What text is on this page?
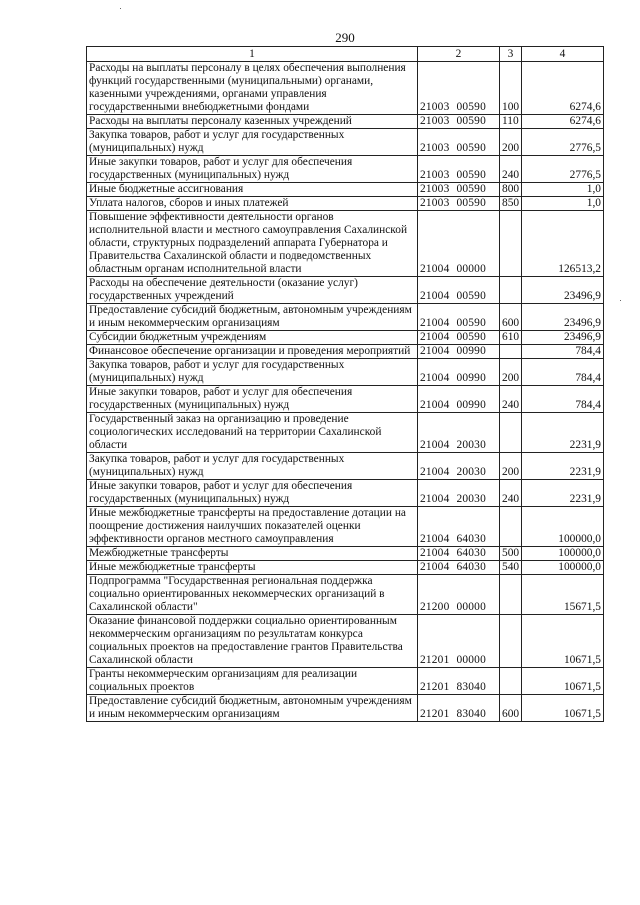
290
1	2	3	4
Расходы на выплаты персоналу в целях обеспечения выполнения функций государственными (муниципальными) органами, казенными учреждениями, органами управления государственными внебюджетными фондами	21003 00590	100	6274,6
Расходы на выплаты персоналу казенных учреждений	21003 00590	110	6274,6
Закупка товаров, работ и услуг для государственных (муниципальных) нужд	21003 00590	200	2776,5
Иные закупки товаров, работ и услуг для обеспечения государственных (муниципальных) нужд	21003 00590	240	2776,5
Иные бюджетные ассигнования	21003 00590	800	1,0
Уплата налогов, сборов и иных платежей	21003 00590	850	1,0
Повышение эффективности деятельности органов исполнительной власти и местного самоуправления Сахалинской области, структурных подразделений аппарата Губернатора и Правительства Сахалинской области и подведомственных областным органам исполнительной власти	21004 00000		126513,2
Расходы на обеспечение деятельности (оказание услуг) государственных учреждений	21004 00590		23496,9
Предоставление субсидий бюджетным, автономным учреждениям и иным некоммерческим организациям	21004 00590	600	23496,9
Субсидии бюджетным учреждениям	21004 00590	610	23496,9
Финансовое обеспечение организации и проведения мероприятий	21004 00990		784,4
Закупка товаров, работ и услуг для государственных (муниципальных) нужд	21004 00990	200	784,4
Иные закупки товаров, работ и услуг для обеспечения государственных (муниципальных) нужд	21004 00990	240	784,4
Государственный заказ на организацию и проведение социологических исследований на территории Сахалинской области	21004 20030		2231,9
Закупка товаров, работ и услуг для государственных (муниципальных) нужд	21004 20030	200	2231,9
Иные закупки товаров, работ и услуг для обеспечения государственных (муниципальных) нужд	21004 20030	240	2231,9
Иные межбюджетные трансферты на предоставление дотации на поощрение достижения наилучших показателей оценки эффективности органов местного самоуправления	21004 64030		100000,0
Межбюджетные трансферты	21004 64030	500	100000,0
Иные межбюджетные трансферты	21004 64030	540	100000,0
Подпрограмма "Государственная региональная поддержка социально ориентированных некоммерческих организаций в Сахалинской области"	21200 00000		15671,5
Оказание финансовой поддержки социально ориентированным некоммерческим организациям по результатам конкурса социальных проектов на предоставление грантов Правительства Сахалинской области	21201 00000		10671,5
Гранты некоммерческим организациям для реализации социальных проектов	21201 83040		10671,5
Предоставление субсидий бюджетным, автономным учреждениям и иным некоммерческим организациям	21201 83040	600	10671,5
